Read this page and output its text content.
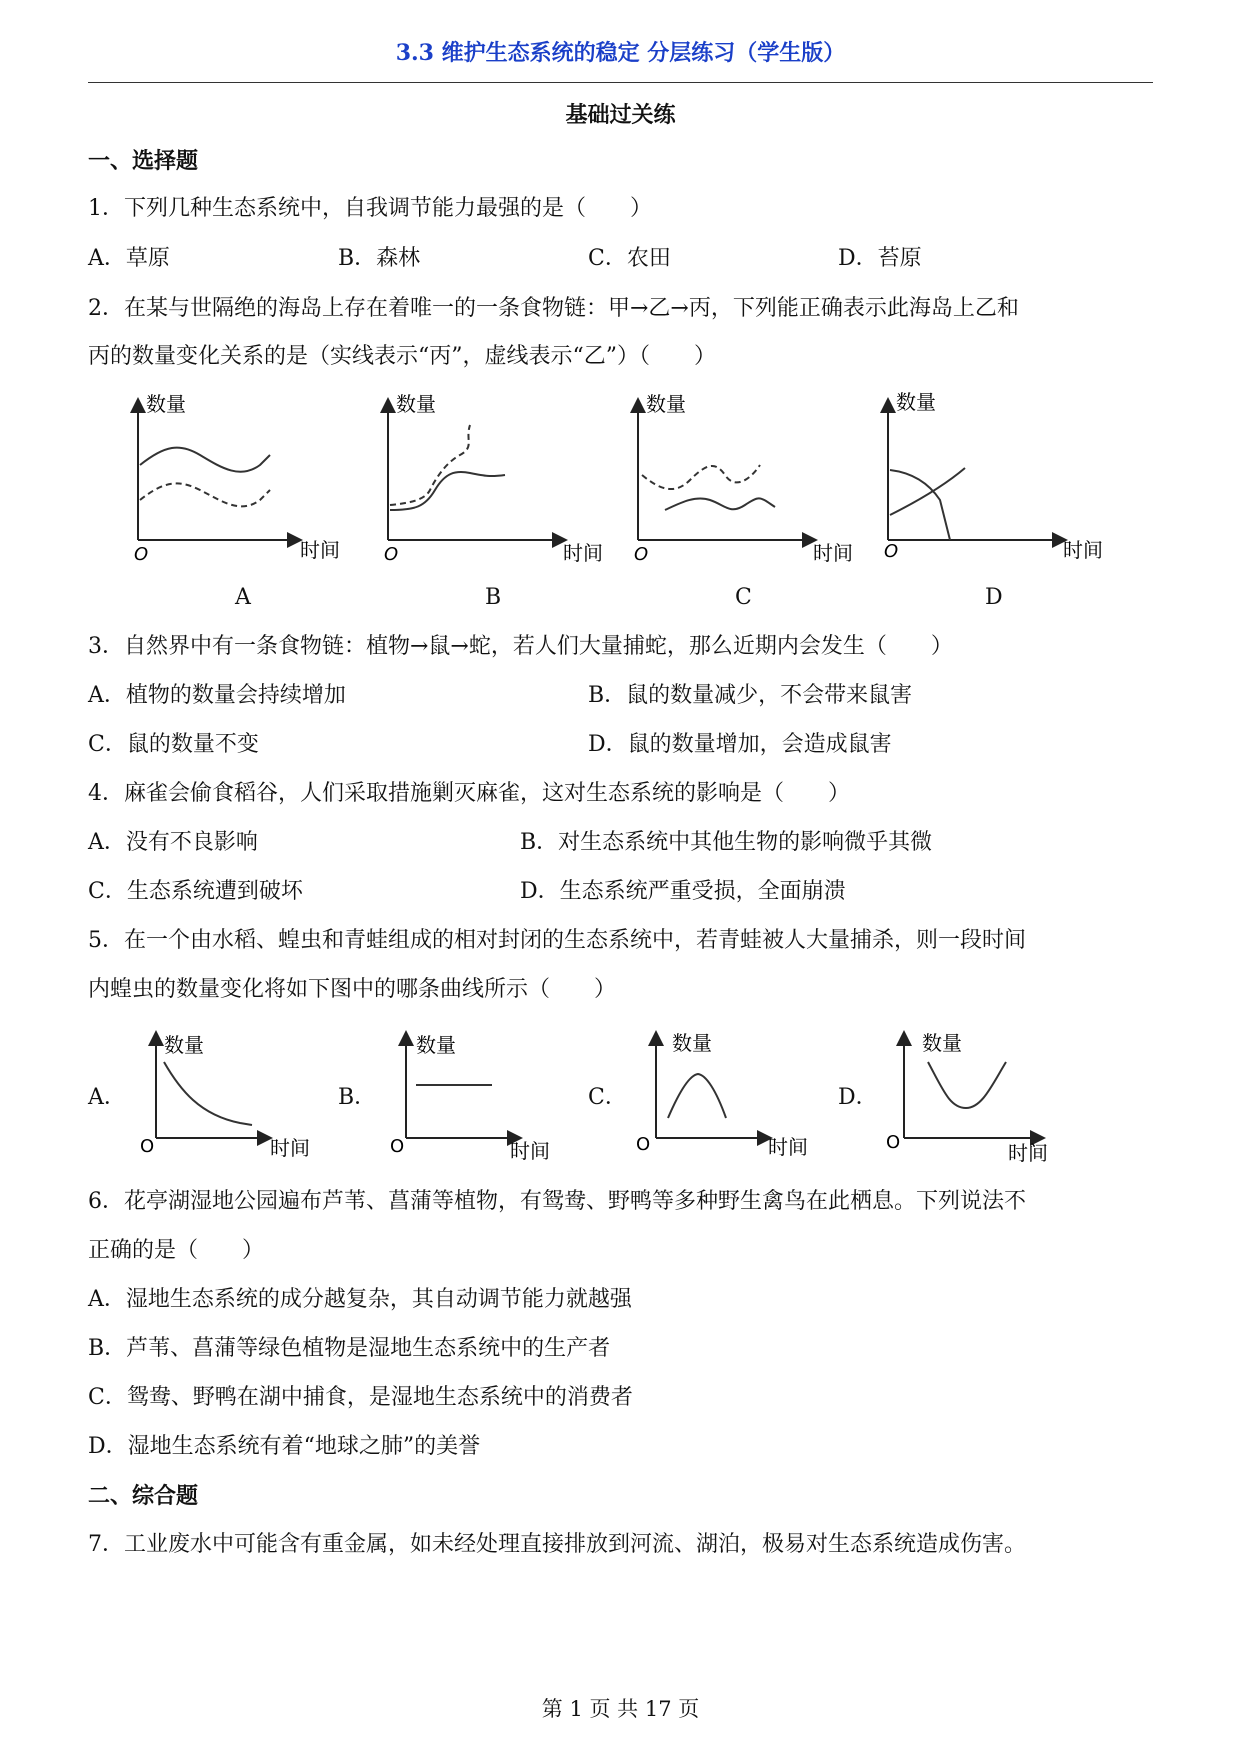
3.3 维护生态系统的稳定 分层练习（学生版）
基础过关练
一、选择题
1．下列几种生态系统中，自我调节能力最强的是（　　）
A．草原	B．森林	C．农田	D．苔原
2．在某与世隔绝的海岛上存在着唯一的一条食物链：甲→乙→丙，下列能正确表示此海岛上乙和
丙的数量变化关系的是（实线表示“丙”，虚线表示“乙”）（　　）
数量
时间
O
数量
时间
O
数量
时间
O
数量
时间
O
A	B	C	D
3．自然界中有一条食物链：植物→鼠→蛇，若人们大量捕蛇，那么近期内会发生（　　）
A．植物的数量会持续增加	B．鼠的数量减少，不会带来鼠害
C．鼠的数量不变	D．鼠的数量增加，会造成鼠害
4．麻雀会偷食稻谷，人们采取措施剿灭麻雀，这对生态系统的影响是（　　）
A．没有不良影响	B．对生态系统中其他生物的影响微乎其微
C．生态系统遭到破坏	D．生态系统严重受损，全面崩溃
5．在一个由水稻、蝗虫和青蛙组成的相对封闭的生态系统中，若青蛙被人大量捕杀，则一段时间
内蝗虫的数量变化将如下图中的哪条曲线所示（　　）
A．
数量
时间
O
B．
数量
时间
O
C．
数量
时间
O
D．
数量
时间
O
6．花亭湖湿地公园遍布芦苇、菖蒲等植物，有鸳鸯、野鸭等多种野生禽鸟在此栖息。下列说法不
正确的是（　　）
A．湿地生态系统的成分越复杂，其自动调节能力就越强
B．芦苇、菖蒲等绿色植物是湿地生态系统中的生产者
C．鸳鸯、野鸭在湖中捕食，是湿地生态系统中的消费者
D．湿地生态系统有着“地球之肺”的美誉
二、综合题
7．工业废水中可能含有重金属，如未经处理直接排放到河流、湖泊，极易对生态系统造成伤害。
第 1 页 共 17 页
